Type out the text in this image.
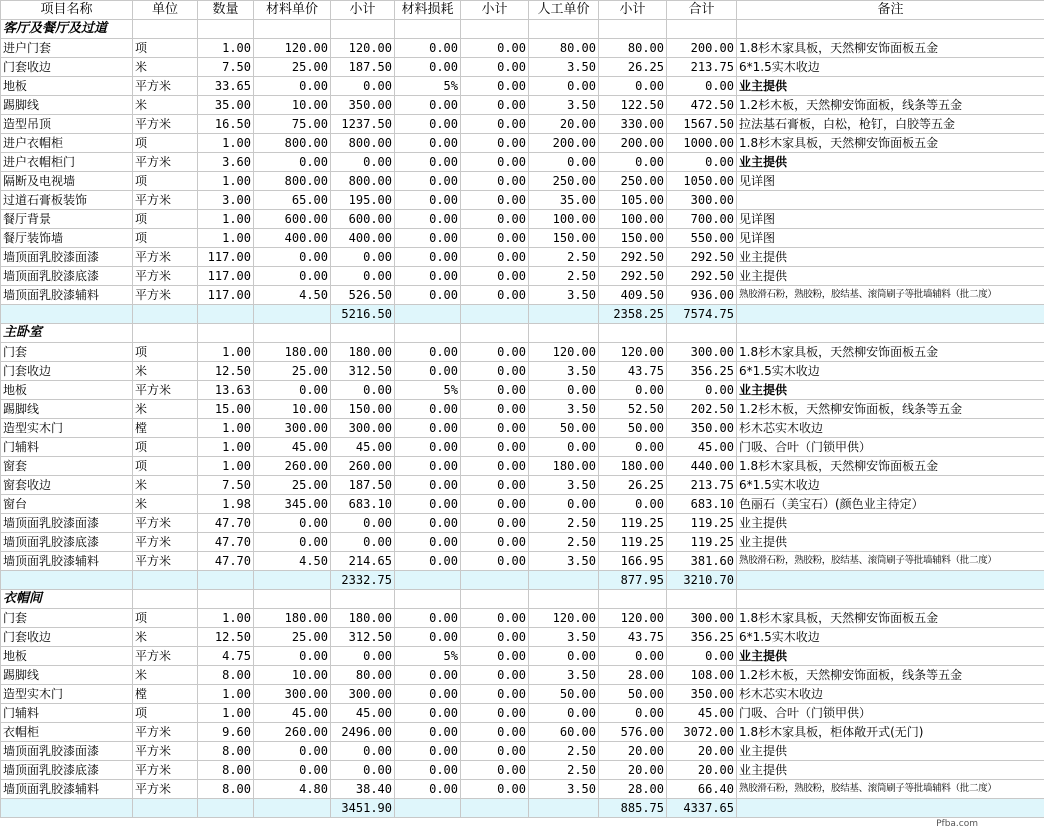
项目名称	单位	数量	材料单价	小计	材料损耗	小计	人工单价	小计	合计	备注
客厅及餐厅及过道										
进户门套	项	1.00	120.00	120.00	0.00	0.00	80.00	80.00	200.00	1.8杉木家具板，天然柳安饰面板五金
门套收边	米	7.50	25.00	187.50	0.00	0.00	3.50	26.25	213.75	6*1.5实木收边
地板	平方米	33.65	0.00	0.00	5%	0.00	0.00	0.00	0.00	业主提供
踢脚线	米	35.00	10.00	350.00	0.00	0.00	3.50	122.50	472.50	1.2杉木板，天然柳安饰面板，线条等五金
造型吊顶	平方米	16.50	75.00	1237.50	0.00	0.00	20.00	330.00	1567.50	拉法基石膏板，白松，枪钉，白胶等五金
进户衣帽柜	项	1.00	800.00	800.00	0.00	0.00	200.00	200.00	1000.00	1.8杉木家具板，天然柳安饰面板五金
进户衣帽柜门	平方米	3.60	0.00	0.00	0.00	0.00	0.00	0.00	0.00	业主提供
隔断及电视墙	项	1.00	800.00	800.00	0.00	0.00	250.00	250.00	1050.00	见详图
过道石膏板装饰	平方米	3.00	65.00	195.00	0.00	0.00	35.00	105.00	300.00	
餐厅背景	项	1.00	600.00	600.00	0.00	0.00	100.00	100.00	700.00	见详图
餐厅装饰墙	项	1.00	400.00	400.00	0.00	0.00	150.00	150.00	550.00	见详图
墙顶面乳胶漆面漆	平方米	117.00	0.00	0.00	0.00	0.00	2.50	292.50	292.50	业主提供
墙顶面乳胶漆底漆	平方米	117.00	0.00	0.00	0.00	0.00	2.50	292.50	292.50	业主提供
墙顶面乳胶漆辅料	平方米	117.00	4.50	526.50	0.00	0.00	3.50	409.50	936.00	熟胶滑石粉，熟胶粉，胶结基、滚筒刷子等批墙辅料（批二度）
				5216.50				2358.25	7574.75	
主卧室										
门套	项	1.00	180.00	180.00	0.00	0.00	120.00	120.00	300.00	1.8杉木家具板，天然柳安饰面板五金
门套收边	米	12.50	25.00	312.50	0.00	0.00	3.50	43.75	356.25	6*1.5实木收边
地板	平方米	13.63	0.00	0.00	5%	0.00	0.00	0.00	0.00	业主提供
踢脚线	米	15.00	10.00	150.00	0.00	0.00	3.50	52.50	202.50	1.2杉木板，天然柳安饰面板，线条等五金
造型实木门	樘	1.00	300.00	300.00	0.00	0.00	50.00	50.00	350.00	杉木芯实木收边
门辅料	项	1.00	45.00	45.00	0.00	0.00	0.00	0.00	45.00	门吸、合叶（门锁甲供）
窗套	项	1.00	260.00	260.00	0.00	0.00	180.00	180.00	440.00	1.8杉木家具板，天然柳安饰面板五金
窗套收边	米	7.50	25.00	187.50	0.00	0.00	3.50	26.25	213.75	6*1.5实木收边
窗台	米	1.98	345.00	683.10	0.00	0.00	0.00	0.00	683.10	色丽石（美宝石）(颜色业主待定）
墙顶面乳胶漆面漆	平方米	47.70	0.00	0.00	0.00	0.00	2.50	119.25	119.25	业主提供
墙顶面乳胶漆底漆	平方米	47.70	0.00	0.00	0.00	0.00	2.50	119.25	119.25	业主提供
墙顶面乳胶漆辅料	平方米	47.70	4.50	214.65	0.00	0.00	3.50	166.95	381.60	熟胶滑石粉，熟胶粉，胶结基、滚筒刷子等批墙辅料（批二度）
				2332.75				877.95	3210.70	
衣帽间										
门套	项	1.00	180.00	180.00	0.00	0.00	120.00	120.00	300.00	1.8杉木家具板，天然柳安饰面板五金
门套收边	米	12.50	25.00	312.50	0.00	0.00	3.50	43.75	356.25	6*1.5实木收边
地板	平方米	4.75	0.00	0.00	5%	0.00	0.00	0.00	0.00	业主提供
踢脚线	米	8.00	10.00	80.00	0.00	0.00	3.50	28.00	108.00	1.2杉木板，天然柳安饰面板，线条等五金
造型实木门	樘	1.00	300.00	300.00	0.00	0.00	50.00	50.00	350.00	杉木芯实木收边
门辅料	项	1.00	45.00	45.00	0.00	0.00	0.00	0.00	45.00	门吸、合叶（门锁甲供）
衣帽柜	平方米	9.60	260.00	2496.00	0.00	0.00	60.00	576.00	3072.00	1.8杉木家具板，柜体敞开式(无门)
墙顶面乳胶漆面漆	平方米	8.00	0.00	0.00	0.00	0.00	2.50	20.00	20.00	业主提供
墙顶面乳胶漆底漆	平方米	8.00	0.00	0.00	0.00	0.00	2.50	20.00	20.00	业主提供
墙顶面乳胶漆辅料	平方米	8.00	4.80	38.40	0.00	0.00	3.50	28.00	66.40	熟胶滑石粉，熟胶粉，胶结基、滚筒刷子等批墙辅料（批二度）
				3451.90				885.75	4337.65	
Pfba.com
